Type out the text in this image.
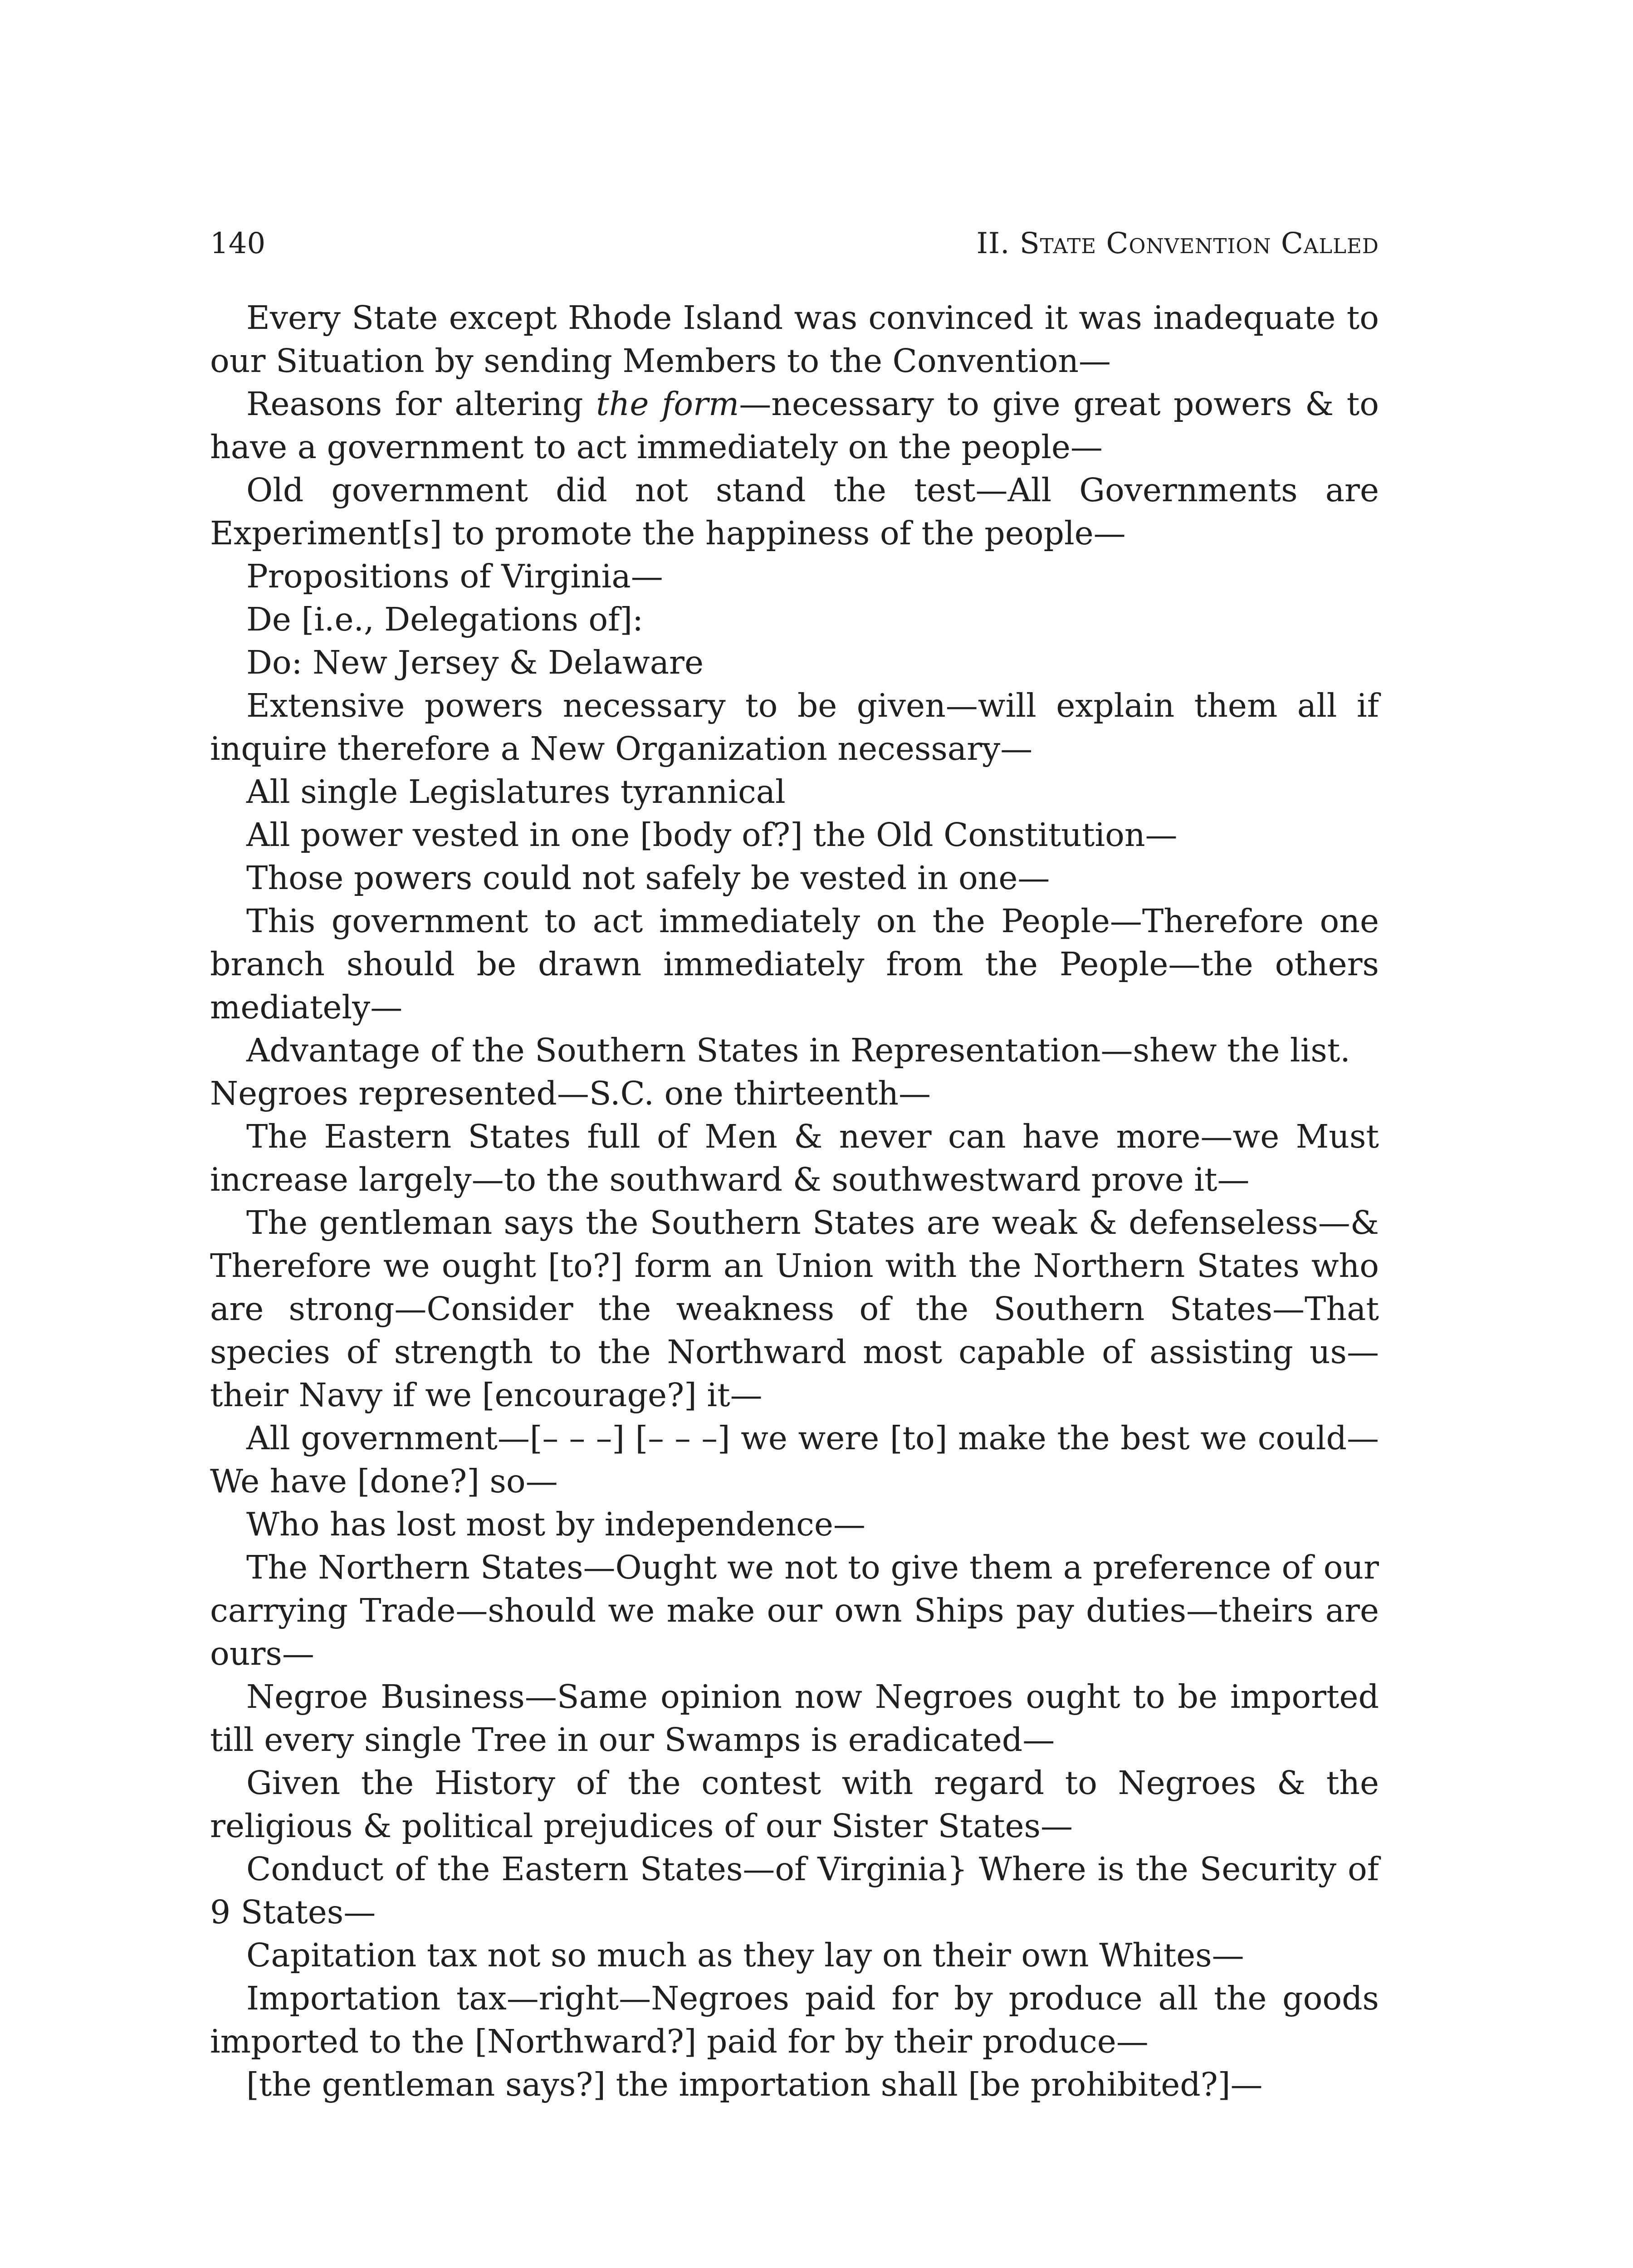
140	II. State Convention Called

Every State except Rhode Island was convinced it was inadequate to our Situation by sending Members to the Convention—

Reasons for altering the form—necessary to give great powers & to have a government to act immediately on the people—

Old government did not stand the test—All Governments are Experiment[s] to promote the happiness of the people—

Propositions of Virginia—

De [i.e., Delegations of]:

Do: New Jersey & Delaware

Extensive powers necessary to be given—will explain them all if inquire therefore a New Organization necessary—

All single Legislatures tyrannical

All power vested in one [body of?] the Old Constitution—

Those powers could not safely be vested in one—

This government to act immediately on the People—Therefore one branch should be drawn immediately from the People—the others mediately—

Advantage of the Southern States in Representation—shew the list.
Negroes represented—S.C. one thirteenth—

The Eastern States full of Men & never can have more—we Must increase largely—to the southward & southwestward prove it—

The gentleman says the Southern States are weak & defenseless—& Therefore we ought [to?] form an Union with the Northern States who are strong—Consider the weakness of the Southern States—That species of strength to the Northward most capable of assisting us—their Navy if we [encourage?] it—

All government—[– – –] [– – –] we were [to] make the best we could—We have [done?] so—

Who has lost most by independence—

The Northern States—Ought we not to give them a preference of our carrying Trade—should we make our own Ships pay duties—theirs are ours—

Negroe Business—Same opinion now Negroes ought to be imported till every single Tree in our Swamps is eradicated—

Given the History of the contest with regard to Negroes & the religious & political prejudices of our Sister States—

Conduct of the Eastern States—of Virginia} Where is the Security of 9 States—

Capitation tax not so much as they lay on their own Whites—

Importation tax—right—Negroes paid for by produce all the goods imported to the [Northward?] paid for by their produce—

[the gentleman says?] the importation shall [be prohibited?]—
